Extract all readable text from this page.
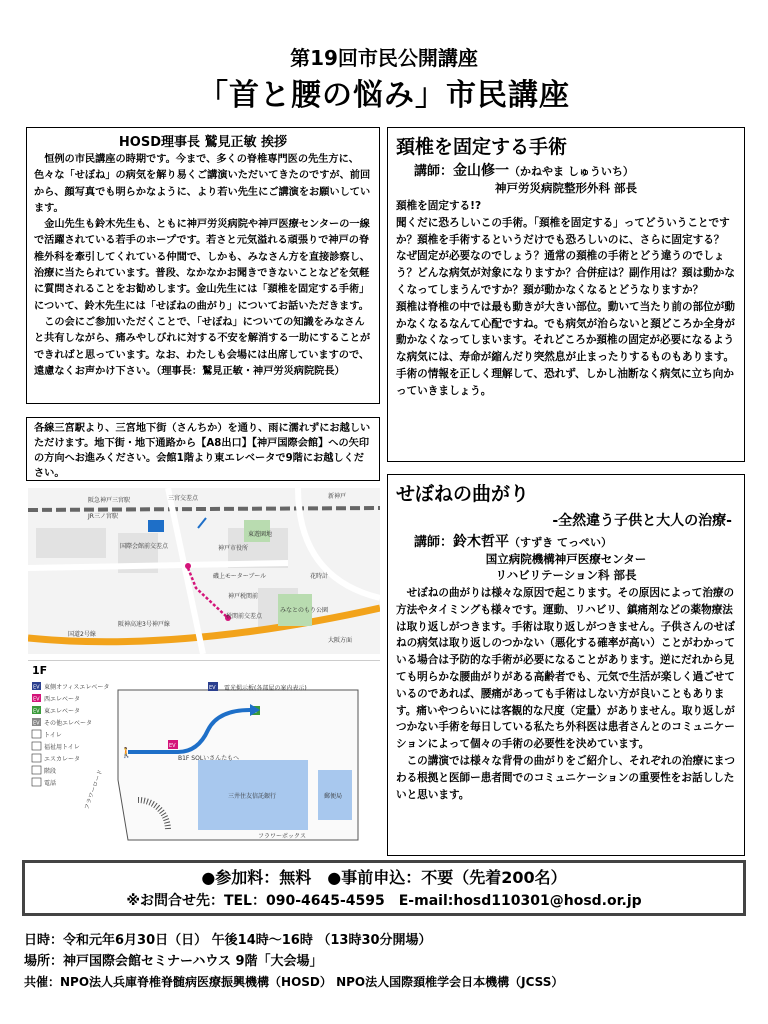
第19回市民公開講座
「首と腰の悩み」市民講座
HOSD理事長 鷲見正敏 挨拶

恒例の市民講座の時期です。今まで、多くの脊椎専門医の先生方に、色々な「せぼね」の病気を解り易くご講演いただいてきたのですが、前回から、顔写真でも明らかなように、より若い先生にご講演をお願いしています。

金山先生も鈴木先生も、ともに神戸労災病院や神戸医療センターの一線で活躍されている若手のホープです。若さと元気溢れる頑張りで神戸の脊椎外科を牽引してくれている仲間で、しかも、みなさん方を直接診察し、治療に当たられています。普段、なかなかお聞きできないことなどを気軽に質問されることをお勧めします。金山先生には「頚椎を固定する手術」について、鈴木先生には「せぼねの曲がり」についてお話いただきます。

この会にご参加いただくことで、「せぼね」についての知識をみなさんと共有しながら、痛みやしびれに対する不安を解消する一助にすることができればと思っています。なお、わたしも会場には出席していますので、遠慮なくお声かけ下さい。（理事長：鷲見正敏・神戸労災病院院長）

各線三宮駅より、三宮地下街（さんちか）を通り、雨に濡れずにお越しいただけます。地下街・地下通路から【A8出口】【神戸国際会館】への矢印の方向へお進みください。会館1階より東エレベータで9階にお越しください。
阪急神戸三宮駅
JR三ノ宮駅
三宮交差点
国際会館前交差点	神戸市役所
磯上モーターブール
神戸税関前
税関前交差点
みなとのもり公園
阪神高速3号神戸線
国道2号線
大阪方面
東遊園地
花時計
新神戸
1F
EV 東側オフィスエレベータ
EV 西エレベータ
EV 東エレベータ
EV その他エレベータ
トイレ
福祉用トイレ
エスカレータ
階段
電話
EV
EV
電光掲示板(各部屋の案内表示)
三井住友信託銀行	郵便局
B1F SOLいさんたもへ
フラワーボックス
フラワーロード
🚶
頚椎を固定する手術
講師：金山修一（かねやま しゅういち）
神戸労災病院整形外科 部長

頚椎を固定する!?

聞くだに恐ろしいこの手術。「頚椎を固定する」ってどういうことですか？頚椎を手術するというだけでも恐ろしいのに、さらに固定する？

なぜ固定が必要なのでしょう？通常の頚椎の手術とどう違うのでしょう？どんな病気が対象になりますか？合併症は？副作用は？頚は動かなくなってしまうんですか？頚が動かなくなるとどうなりますか？

頚椎は脊椎の中では最も動きが大きい部位。動いて当たり前の部位が動かなくなるなんて心配ですね。でも病気が治らないと頚どころか全身が動かなくなってしまいます。それどころか頚椎の固定が必要になるような病気には、寿命が縮んだり突然息が止まったりするものもあります。手術の情報を正しく理解して、恐れず、しかし油断なく病気に立ち向かっていきましょう。

せぼねの曲がり
-全然違う子供と大人の治療-
講師：鈴木哲平（すずき てっぺい）
国立病院機構神戸医療センター
リハビリテーション科 部長

せぼねの曲がりは様々な原因で起こります。その原因によって治療の方法やタイミングも様々です。運動、リハビリ、鎮痛剤などの薬物療法は取り返しがつきます。手術は取り返しがつきません。子供さんのせぼねの病気は取り返しのつかない（悪化する確率が高い）ことがわかっている場合は予防的な手術が必要になることがあります。逆にだれから見ても明らかな腰曲がりがある高齢者でも、元気で生活が楽しく過ごせているのであれば、腰痛があっても手術はしない方が良いこともあります。痛いやつらいには客観的な尺度（定量）がありません。取り返しがつかない手術を毎日している私たち外科医は患者さんとのコミュニケーションによって個々の手術の必要性を決めています。

この講演では様々な背骨の曲がりをご紹介し、それぞれの治療にまつわる根拠と医師ー患者間でのコミュニケーションの重要性をお話ししたいと思います。

●参加料：無料　●事前申込：不要（先着200名）
※お問合せ先：TEL：090-4645-4595　E-mail:hosd110301@hosd.or.jp
日時：令和元年6月30日（日） 午後14時～16時 （13時30分開場）
場所：神戸国際会館セミナーハウス 9階「大会場」
共催：NPO法人兵庫脊椎脊髄病医療振興機構（HOSD） NPO法人国際頚椎学会日本機構（JCSS）
